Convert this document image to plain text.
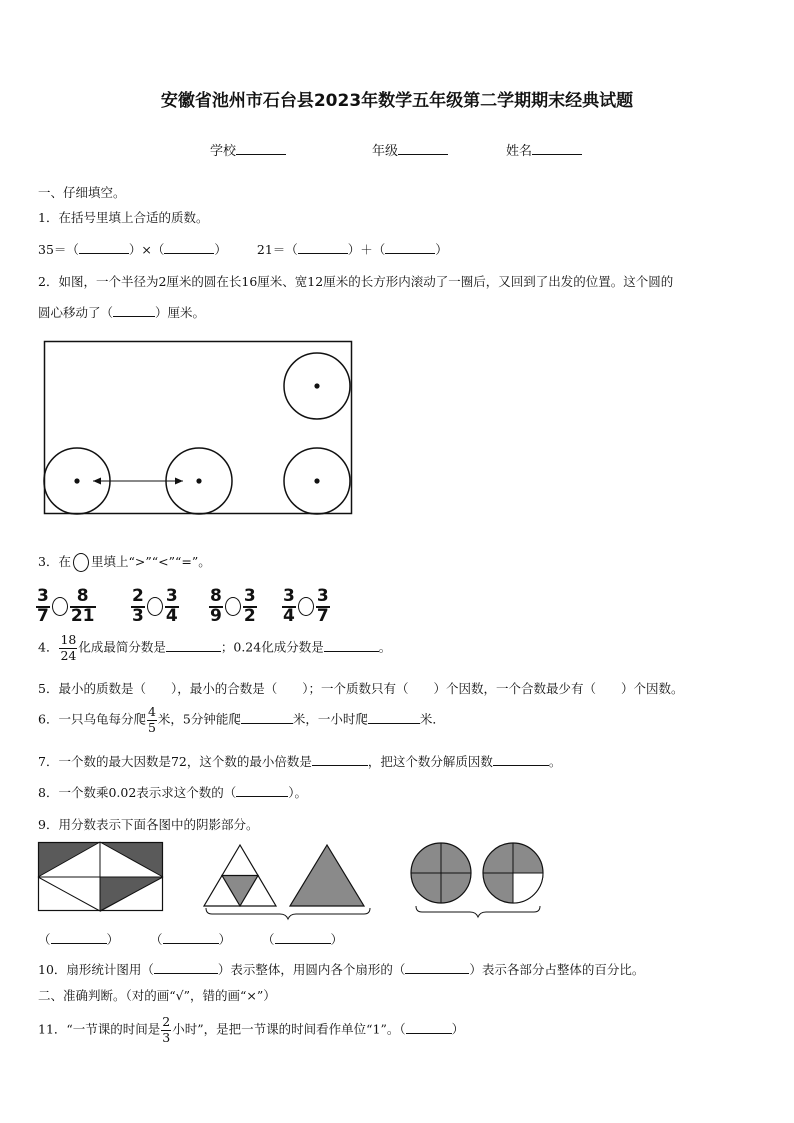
安徽省池州市石台县2023年数学五年级第二学期期末经典试题
学校	年级	姓名
一、仔细填空。
1．在括号里填上合适的质数。
35＝（	）×（	） 21＝（	）＋（	）
2．如图，一个半径为2厘米的圆在长16厘米、宽12厘米的长方形内滚动了一圈后，又回到了出发的位置。这个圆的
圆心移动了（	）厘米。
3．在 里填上“>”“<”“=”。
$\frac{3}{7} \frac{8}{21} \frac{2}{3} \frac{3}{4} \frac{8}{9} \frac{3}{2} \frac{3}{4} \frac{3}{7}$
4． $\frac{18}{24}$ 化成最简分数是	；0.24化成分数是	。
5．最小的质数是（　　），最小的合数是（　　）；一个质数只有（　　）个因数，一个合数最少有（　　）个因数。
6．一只乌龟每分爬 $\frac{4}{5}$ 米，5分钟能爬	米，一小时爬	米．
7．一个数的最大因数是72，这个数的最小倍数是	，把这个数分解质因数	。
8．一个数乘0.02表示求这个数的（	）。
9．用分数表示下面各图中的阴影部分。
（	） （	） （	）
10．扇形统计图用（	）表示整体，用圆内各个扇形的（	）表示各部分占整体的百分比。
二、准确判断。（对的画“√”，错的画“×”）
11．“一节课的时间是 $\frac{2}{3}$ 小时”，是把一节课的时间看作单位“1”。（	）
